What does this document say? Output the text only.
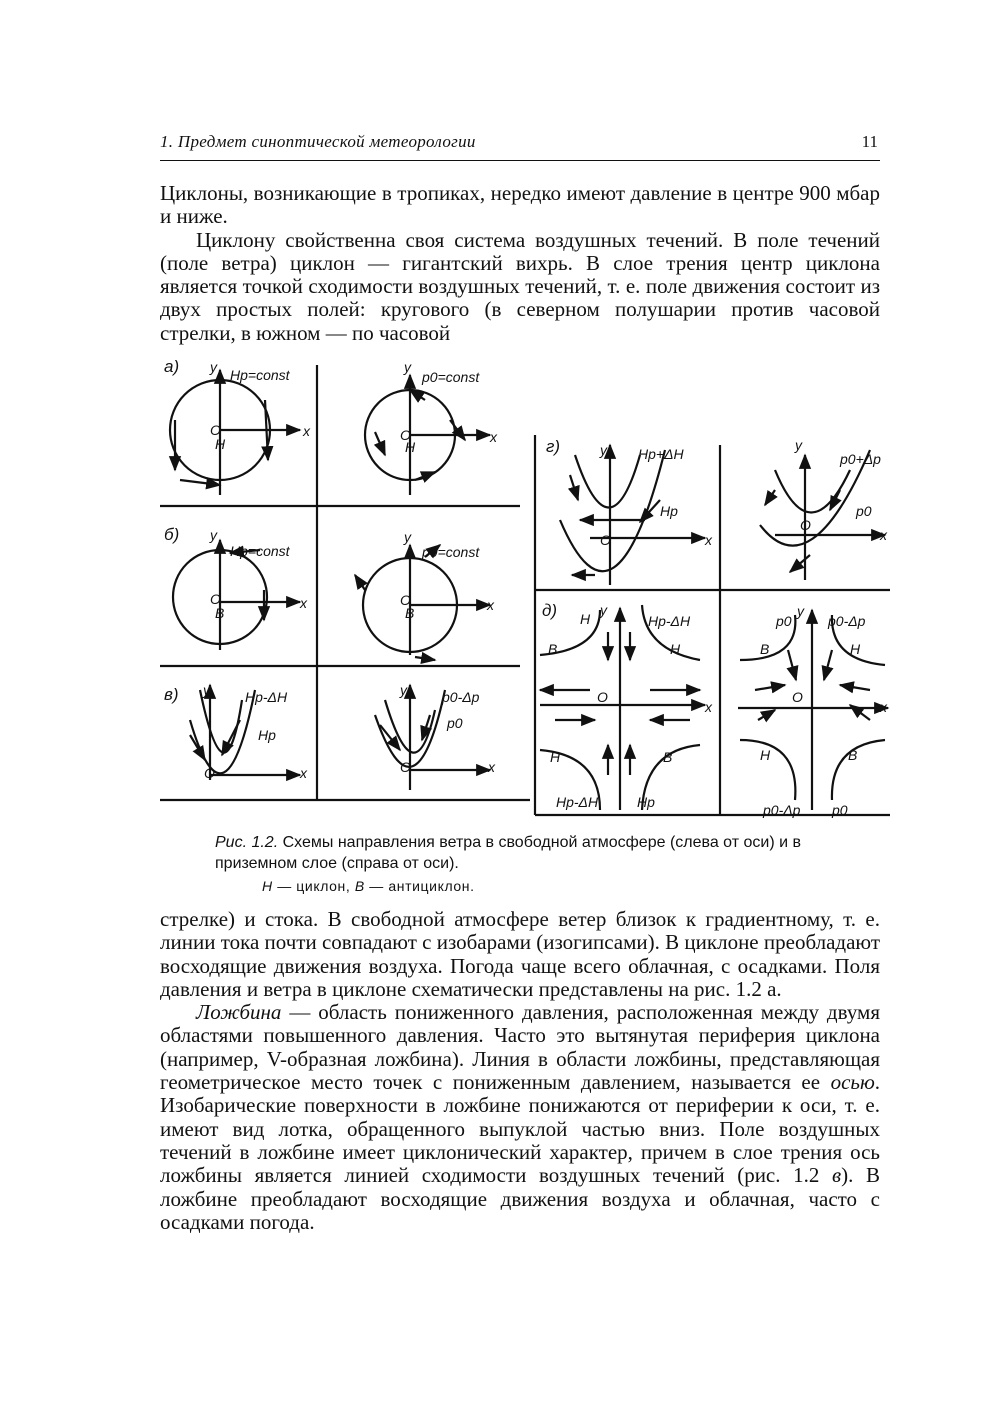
1. Предмет синоптической метеорологии	11

Циклоны, возникающие в тропиках, нередко имеют давление в центре 900 мбар и ниже.

Циклону свойственна своя система воздушных течений. В поле течений (поле ветра) циклон — гигантский вихрь. В слое трения центр циклона является точкой сходимости воздушных течений, т. е. поле движения состоит из двух простых полей: кругового (в северном полушарии против часовой стрелки, в южном — по часовой

а) y Hp=const
O
H
x
y
p0=const
O
H
x
б) y
Hp=const
O
B
x
y
p0=const
O
B	x
в) y	Hp-ΔH
Hp
O	x
y	p0-Δp
p0
O	x
г)	y Hp+ΔH
Hp
O	x
y
p0+Δp
p0
O
x
д) H
y
Hp-ΔH
B	H
O
x
H	B
Hp-ΔH	Hp
y
p0	p0-Δp
B	H
O
x
H	B
p0-Δp p0
Рис. 1.2. Схемы направления ветра в свободной атмосфере (слева от оси) и в приземном слое (справа от оси).
H — циклон, B — антициклон.

стрелке) и стока. В свободной атмосфере ветер близок к градиентному, т. е. линии тока почти совпадают с изобарами (изогипсами). В циклоне преобладают восходящие движения воздуха. Погода чаще всего облачная, с осадками. Поля давления и ветра в циклоне схематически представлены на рис. 1.2 а.

Ложбина — область пониженного давления, расположенная между двумя областями повышенного давления. Часто это вытянутая периферия циклона (например, V-образная ложбина). Линия в области ложбины, представляющая геометрическое место точек с пониженным давлением, называется ее осью. Изобарические поверхности в ложбине понижаются от периферии к оси, т. е. имеют вид лотка, обращенного выпуклой частью вниз. Поле воздушных течений в ложбине имеет циклонический характер, причем в слое трения ось ложбины является линией сходимости воздушных течений (рис. 1.2 в). В ложбине преобладают восходящие движения воздуха и облачная, часто с осадками погода.
